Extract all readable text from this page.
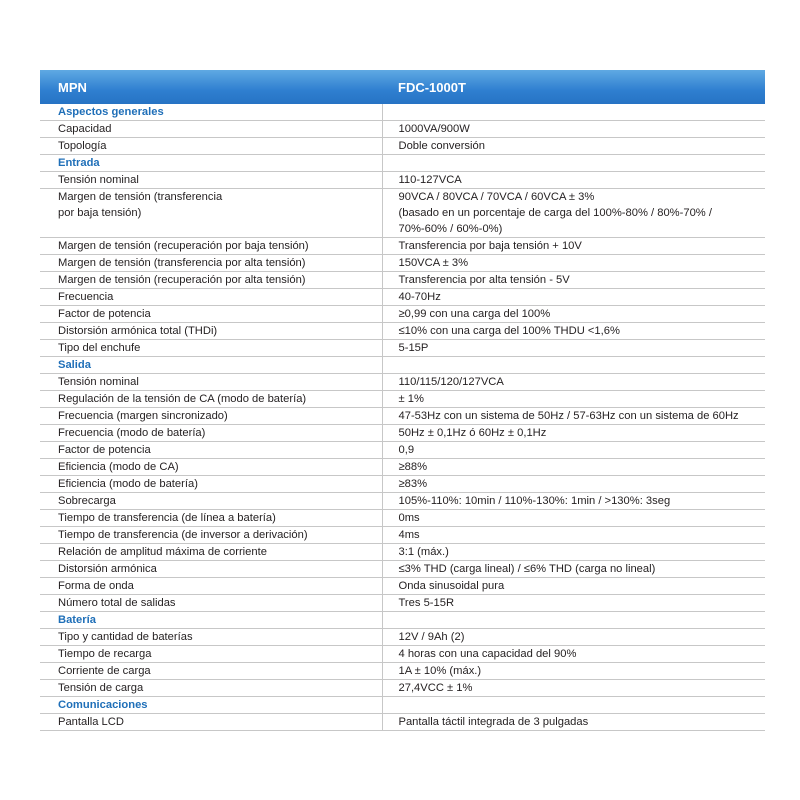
MPN	FDC-1000T
Aspectos generales	

Capacidad	1000VA/900W

Topología	Doble conversión

Entrada	

Tensión nominal	110-127VCA

Margen de tensión (transferencia
por baja tensión)	90VCA / 80VCA / 70VCA / 60VCA ± 3%
(basado en un porcentaje de carga del 100%-80% / 80%-70% /
70%-60% / 60%-0%)

Margen de tensión (recuperación por baja tensión)	Transferencia por baja tensión + 10V

Margen de tensión (transferencia por alta tensión)	150VCA ± 3%

Margen de tensión (recuperación por alta tensión)	Transferencia por alta tensión - 5V

Frecuencia	40-70Hz

Factor de potencia	≥0,99 con una carga del 100%

Distorsión armónica total (THDi)	≤10% con una carga del 100% THDU <1,6%

Tipo del enchufe	5-15P

Salida	

Tensión nominal	110/115/120/127VCA

Regulación de la tensión de CA (modo de batería)	± 1%

Frecuencia (margen sincronizado)	47-53Hz con un sistema de 50Hz / 57-63Hz con un sistema de 60Hz

Frecuencia (modo de batería)	50Hz ± 0,1Hz ó 60Hz ± 0,1Hz

Factor de potencia	0,9

Eficiencia (modo de CA)	≥88%

Eficiencia (modo de batería)	≥83%

Sobrecarga	105%-110%: 10min / 110%-130%: 1min / >130%: 3seg

Tiempo de transferencia (de línea a batería)	0ms

Tiempo de transferencia (de inversor a derivación)	4ms

Relación de amplitud máxima de corriente	3:1 (máx.)

Distorsión armónica	≤3% THD (carga lineal) / ≤6% THD (carga no lineal)

Forma de onda	Onda sinusoidal pura

Número total de salidas	Tres 5-15R

Batería	

Tipo y cantidad de baterías	12V / 9Ah (2)

Tiempo de recarga	4 horas con una capacidad del 90%

Corriente de carga	1A ± 10% (máx.)

Tensión de carga	27,4VCC ± 1%

Comunicaciones	

Pantalla LCD	Pantalla táctil integrada de 3 pulgadas
